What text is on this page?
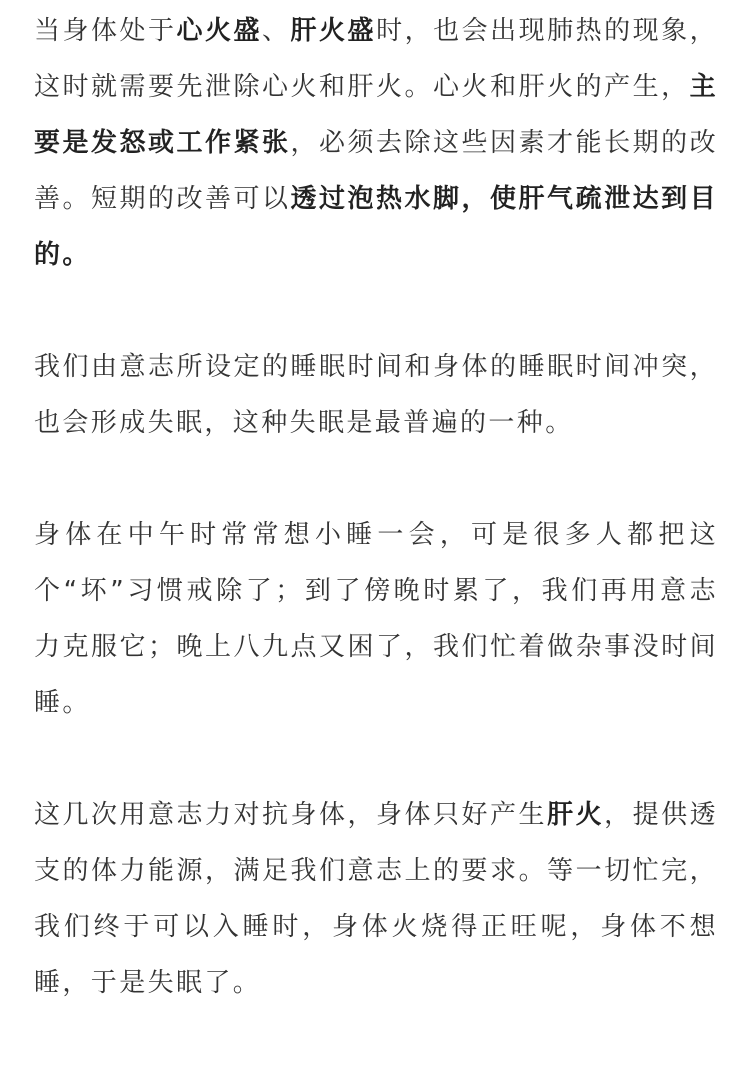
当身体处于心火盛、肝火盛时，也会出现肺热的现象，这时就需要先泄除心火和肝火。心火和肝火的产生，主要是发怒或工作紧张，必须去除这些因素才能长期的改善。短期的改善可以透过泡热水脚，使肝气疏泄达到目的。

我们由意志所设定的睡眠时间和身体的睡眠时间冲突，也会形成失眠，这种失眠是最普遍的一种。

身体在中午时常常想小睡一会，可是很多人都把这个“坏”习惯戒除了；到了傍晚时累了，我们再用意志力克服它；晚上八九点又困了，我们忙着做杂事没时间睡。

这几次用意志力对抗身体，身体只好产生肝火，提供透支的体力能源，满足我们意志上的要求。等一切忙完，我们终于可以入睡时，身体火烧得正旺呢，身体不想睡，于是失眠了。
